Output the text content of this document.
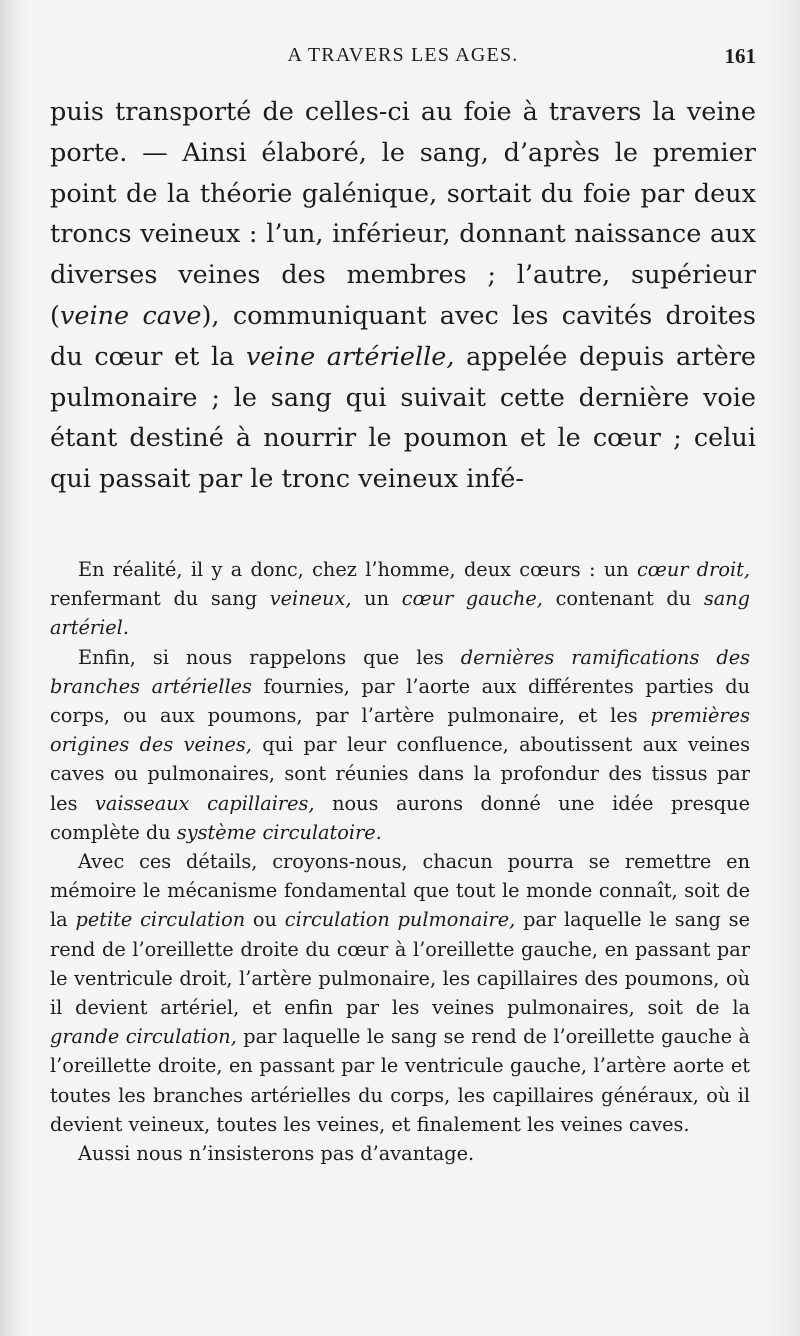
A TRAVERS LES AGES.	161

puis transporté de celles-ci au foie à travers la veine porte. — Ainsi élaboré, le sang, d’après le premier point de la théorie galénique, sortait du foie par deux troncs veineux : l’un, inférieur, donnant naissance aux diverses veines des membres ; l’autre, supérieur (veine cave), communiquant avec les cavités droites du cœur et la veine artérielle, appelée depuis artère pulmonaire ; le sang qui suivait cette dernière voie étant destiné à nourrir le poumon et le cœur ; celui qui passait par le tronc veineux infé-

En réalité, il y a donc, chez l’homme, deux cœurs : un cœur droit, renfermant du sang veineux, un cœur gauche, contenant du sang artériel.

Enfin, si nous rappelons que les dernières ramifications des branches artérielles fournies, par l’aorte aux différentes parties du corps, ou aux poumons, par l’artère pulmonaire, et les premières origines des veines, qui par leur confluence, aboutissent aux veines caves ou pulmonaires, sont réunies dans la profondur des tissus par les vaisseaux capillaires, nous aurons donné une idée presque complète du système circulatoire.

Avec ces détails, croyons-nous, chacun pourra se remettre en mémoire le mécanisme fondamental que tout le monde connaît, soit de la petite circulation ou circulation pulmonaire, par laquelle le sang se rend de l’oreillette droite du cœur à l’oreillette gauche, en passant par le ventricule droit, l’artère pulmonaire, les capillaires des poumons, où il devient artériel, et enfin par les veines pulmonaires, soit de la grande circulation, par laquelle le sang se rend de l’oreillette gauche à l’oreillette droite, en passant par le ventricule gauche, l’artère aorte et toutes les branches artérielles du corps, les capillaires généraux, où il devient veineux, toutes les veines, et finalement les veines caves.

Aussi nous n’insisterons pas d’avantage.
